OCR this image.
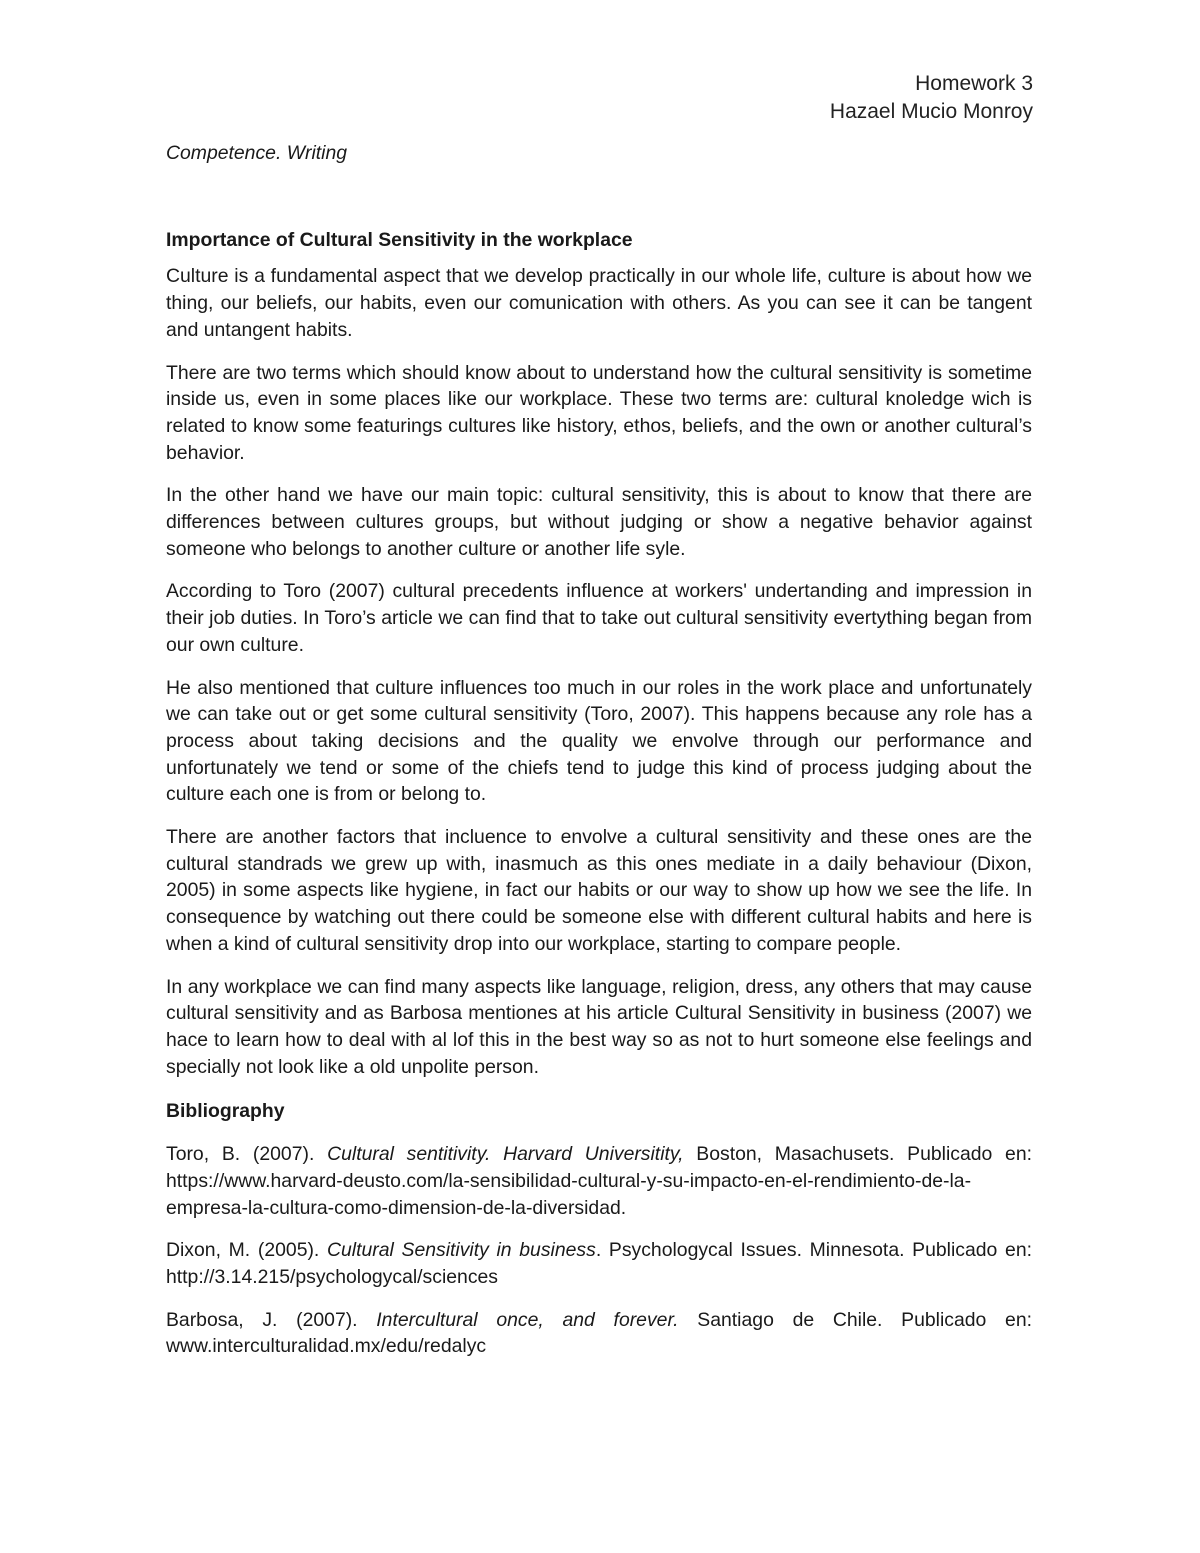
Homework 3
Hazael Mucio Monroy

Competence. Writing

Importance of Cultural Sensitivity in the workplace

Culture is a fundamental aspect that we develop practically in our whole life, culture is about how we thing, our beliefs, our habits, even our comunication with others. As you can see it can be tangent and untangent habits.

There are two terms which should know about to understand how the cultural sensitivity is sometime inside us, even in some places like our workplace. These two terms are: cultural knoledge wich is related to know some featurings cultures like history, ethos, beliefs, and the own or another cultural’s behavior.

In the other hand we have our main topic: cultural sensitivity, this is about to know that there are differences between cultures groups, but without judging or show a negative behavior against someone who belongs to another culture or another life syle.

According to Toro (2007) cultural precedents influence at workers' undertanding and impression in their job duties. In Toro’s article we can find that to take out cultural sensitivity evertything began from our own culture.

He also mentioned that culture influences too much in our roles in the work place and unfortunately we can take out or get some cultural sensitivity (Toro, 2007). This happens because any role has a process about taking decisions and the quality we envolve through our performance and unfortunately we tend or some of the chiefs tend to judge this kind of process judging about the culture each one is from or belong to.

There are another factors that incluence to envolve a cultural sensitivity and these ones are the cultural standrads we grew up with, inasmuch as this ones mediate in a daily behaviour (Dixon, 2005) in some aspects like hygiene, in fact our habits or our way to show up how we see the life. In consequence by watching out there could be someone else with different cultural habits and here is when a kind of cultural sensitivity drop into our workplace, starting to compare people.

In any workplace we can find many aspects like language, religion, dress, any others that may cause cultural sensitivity and as Barbosa mentiones at his article Cultural Sensitivity in business (2007) we hace to learn how to deal with al lof this in the best way so as not to hurt someone else feelings and specially not look like a old unpolite person.

Bibliography

Toro, B. (2007). Cultural sentitivity. Harvard Universitity, Boston, Masachusets. Publicado en: https://www.harvard-deusto.com/la-sensibilidad-cultural-y-su-impacto-en-el-rendimiento-de-la-empresa-la-cultura-como-dimension-de-la-diversidad.

Dixon, M. (2005). Cultural Sensitivity in business. Psychologycal Issues. Minnesota. Publicado en: http://3.14.215/psychologycal/sciences

Barbosa, J. (2007). Intercultural once, and forever. Santiago de Chile. Publicado en: www.interculturalidad.mx/edu/redalyc
